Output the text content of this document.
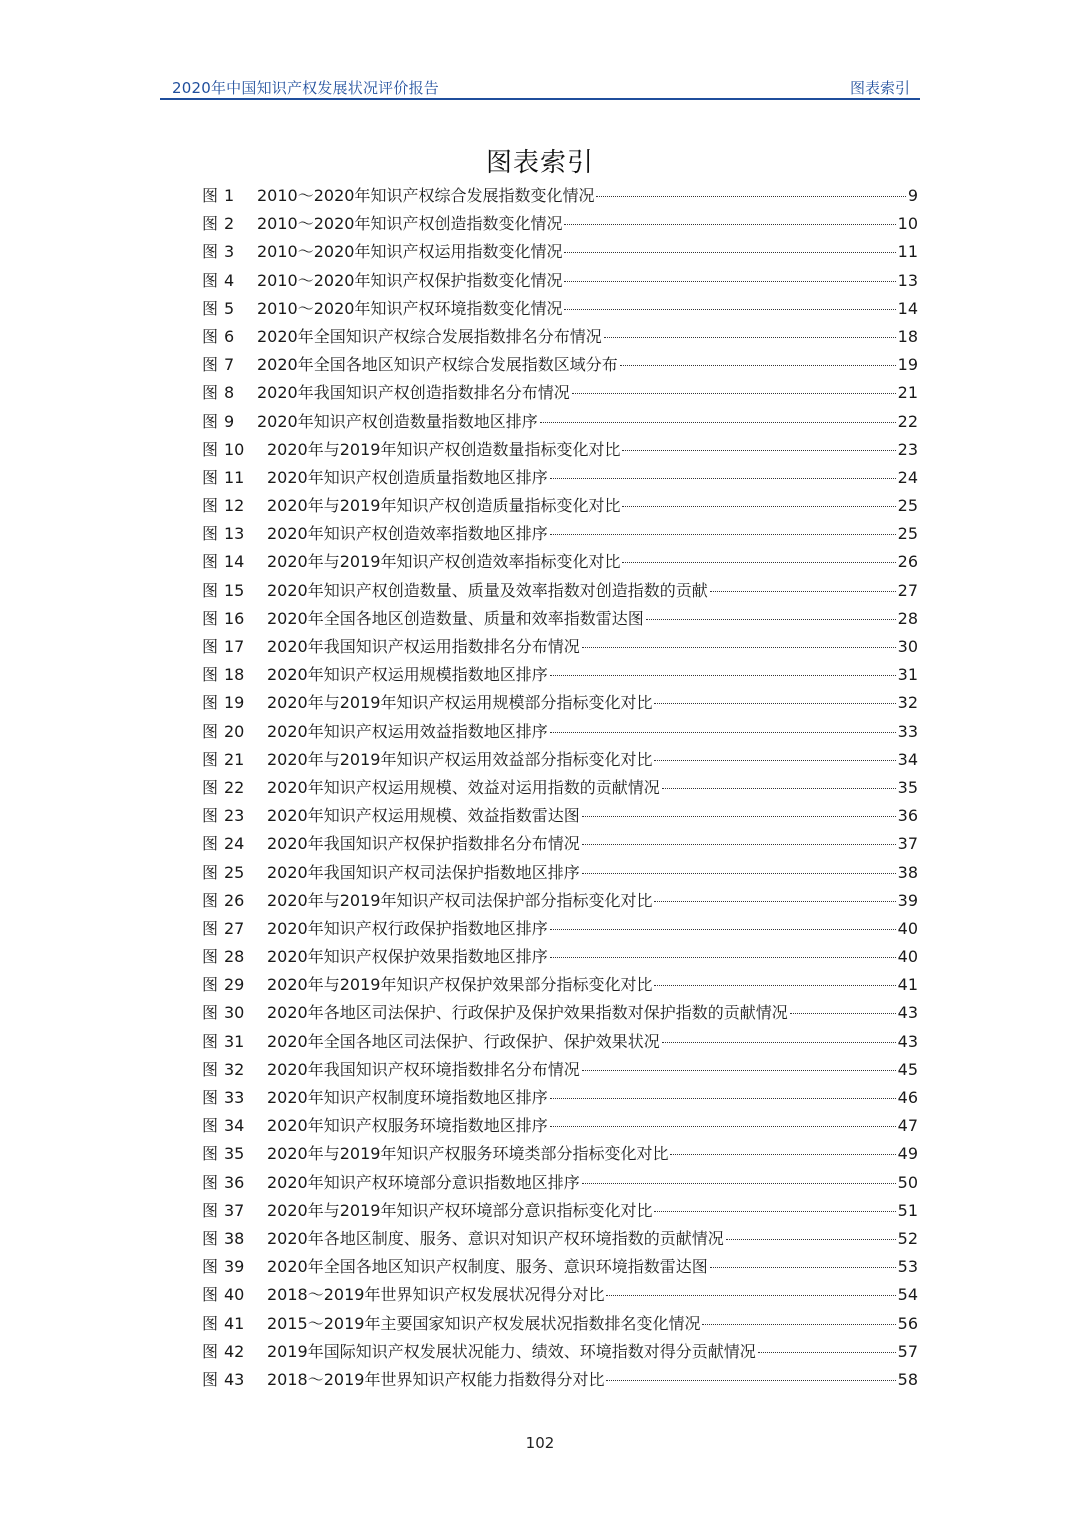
2020年中国知识产权发展状况评价报告	图表索引
图表索引
图 1	2010～2020年知识产权综合发展指数变化情况	9
图 2	2010～2020年知识产权创造指数变化情况	10
图 3	2010～2020年知识产权运用指数变化情况	11
图 4	2010～2020年知识产权保护指数变化情况	13
图 5	2010～2020年知识产权环境指数变化情况	14
图 6	2020年全国知识产权综合发展指数排名分布情况	18
图 7	2020年全国各地区知识产权综合发展指数区域分布	19
图 8	2020年我国知识产权创造指数排名分布情况	21
图 9	2020年知识产权创造数量指数地区排序	22
图 10	2020年与2019年知识产权创造数量指标变化对比	23
图 11	2020年知识产权创造质量指数地区排序	24
图 12	2020年与2019年知识产权创造质量指标变化对比	25
图 13	2020年知识产权创造效率指数地区排序	25
图 14	2020年与2019年知识产权创造效率指标变化对比	26
图 15	2020年知识产权创造数量、质量及效率指数对创造指数的贡献	27
图 16	2020年全国各地区创造数量、质量和效率指数雷达图	28
图 17	2020年我国知识产权运用指数排名分布情况	30
图 18	2020年知识产权运用规模指数地区排序	31
图 19	2020年与2019年知识产权运用规模部分指标变化对比	32
图 20	2020年知识产权运用效益指数地区排序	33
图 21	2020年与2019年知识产权运用效益部分指标变化对比	34
图 22	2020年知识产权运用规模、效益对运用指数的贡献情况	35
图 23	2020年知识产权运用规模、效益指数雷达图	36
图 24	2020年我国知识产权保护指数排名分布情况	37
图 25	2020年我国知识产权司法保护指数地区排序	38
图 26	2020年与2019年知识产权司法保护部分指标变化对比	39
图 27	2020年知识产权行政保护指数地区排序	40
图 28	2020年知识产权保护效果指数地区排序	40
图 29	2020年与2019年知识产权保护效果部分指标变化对比	41
图 30	2020年各地区司法保护、行政保护及保护效果指数对保护指数的贡献情况	43
图 31	2020年全国各地区司法保护、行政保护、保护效果状况	43
图 32	2020年我国知识产权环境指数排名分布情况	45
图 33	2020年知识产权制度环境指数地区排序	46
图 34	2020年知识产权服务环境指数地区排序	47
图 35	2020年与2019年知识产权服务环境类部分指标变化对比	49
图 36	2020年知识产权环境部分意识指数地区排序	50
图 37	2020年与2019年知识产权环境部分意识指标变化对比	51
图 38	2020年各地区制度、服务、意识对知识产权环境指数的贡献情况	52
图 39	2020年全国各地区知识产权制度、服务、意识环境指数雷达图	53
图 40	2018～2019年世界知识产权发展状况得分对比	54
图 41	2015～2019年主要国家知识产权发展状况指数排名变化情况	56
图 42	2019年国际知识产权发展状况能力、绩效、环境指数对得分贡献情况	57
图 43	2018～2019年世界知识产权能力指数得分对比	58
102
